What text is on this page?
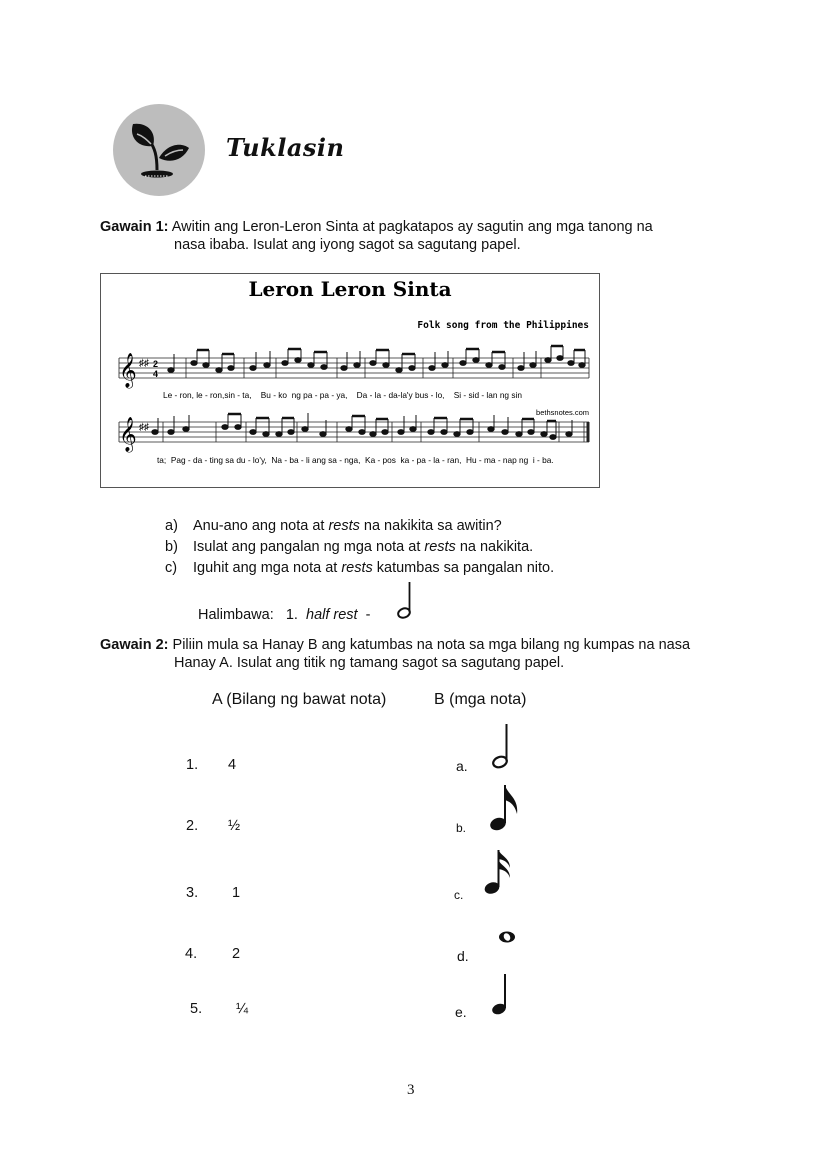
Tuklasin
Gawain 1: Awitin ang Leron-Leron Sinta at pagkatapos ay sagutin ang mga tanong na
nasa ibaba. Isulat ang iyong sagot sa sagutang papel.
Leron Leron Sinta
Folk song from the Philippines
𝄞 ♯♯ 2
4
Le - ron, le - ron,sin - ta,    Bu - ko  ng pa - pa - ya,    Da - la - da-la'y bus - lo,    Si - sid - lan ng sin
bethsnotes.com
𝄞 ♯♯
ta;  Pag - da - ting sa du - lo'y,  Na - ba - li ang sa - nga,  Ka - pos  ka - pa - la - ran,  Hu - ma - nap ng  i - ba.
a) Anu-ano ang nota at rests na nakikita sa awitin?
b) Isulat ang pangalan ng mga nota at rests na nakikita.
c) Iguhit ang mga nota at rests katumbas sa pangalan nito.
Halimbawa: 1. half rest -
Gawain 2: Piliin mula sa Hanay B ang katumbas na nota sa mga bilang ng kumpas na nasa
Hanay A. Isulat ang titik ng tamang sagot sa sagutang papel.
A (Bilang ng bawat nota)	B (mga nota)
1. 4
2. ½
3. 1
4. 2
5. ¼
a.
b.
c.
d.
e.
3
